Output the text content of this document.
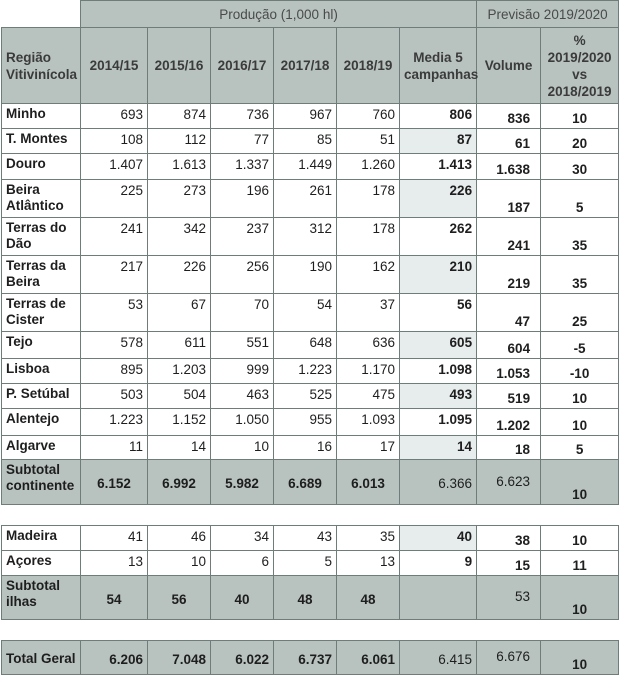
	Produção (1,000 hl)						Previsão 2019/2020	
Região Vitivinícola	2014/15	2015/16	2016/17	2017/18	2018/19	Media 5 campanhas	Volume	% 2019/2020 vs 2018/2019
Minho	693	874	736	967	760	806	836	10
T. Montes	108	112	77	85	51	87	61	20
Douro	1.407	1.613	1.337	1.449	1.260	1.413	1.638	30
Beira Atlântico	225	273	196	261	178	226	187	5
Terras do Dão	241	342	237	312	178	262	241	35
Terras da Beira	217	226	256	190	162	210	219	35
Terras de Cister	53	67	70	54	37	56	47	25
Tejo	578	611	551	648	636	605	604	-5
Lisboa	895	1.203	999	1.223	1.170	1.098	1.053	-10
P. Setúbal	503	504	463	525	475	493	519	10
Alentejo	1.223	1.152	1.050	955	1.093	1.095	1.202	10
Algarve	11	14	10	16	17	14	18	5
Subtotal continente	6.152	6.992	5.982	6.689	6.013	6.366	6.623	10

Madeira	41	46	34	43	35	40	38	10
Açores	13	10	6	5	13	9	15	11
Subtotal ilhas	54	56	40	48	48		53	10

Total Geral	6.206	7.048	6.022	6.737	6.061	6.415	6.676	10
